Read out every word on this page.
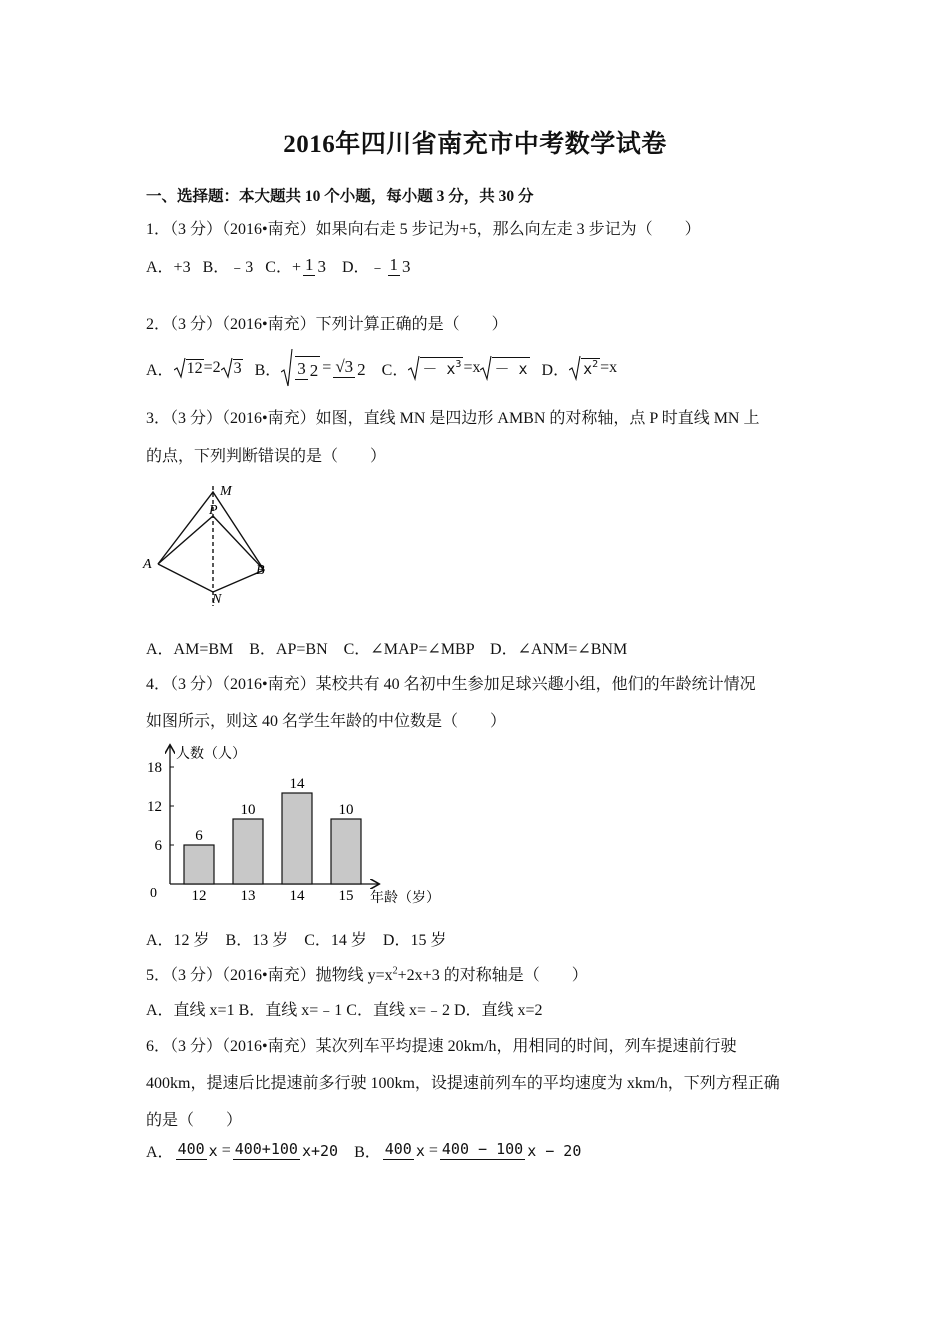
2016年四川省南充市中考数学试卷
一、选择题：本大题共 10 个小题，每小题 3 分，共 30 分
1．（3 分）（2016•南充）如果向右走 5 步记为+5，那么向左走 3 步记为（　　）
A．+3 B．﹣3 C．+ 1 3 D．﹣ 1 3
2．（3 分）（2016•南充）下列计算正确的是（　　）
A． 12=2 3 B． 3 2 = √3 2 C． － $x^3 =x - x$ D． $x^2 =x$
3．（3 分）（2016•南充）如图，直线 MN 是四边形 AMBN 的对称轴，点 P 时直线 MN 上
的点，下列判断错误的是（　　）
M
P
A	B
N
A．AM=BM　B．AP=BN　C．∠MAP=∠MBP　D．∠ANM=∠BNM
4．（3 分）（2016•南充）某校共有 40 名初中生参加足球兴趣小组，他们的年龄统计情况
如图所示，则这 40 名学生年龄的中位数是（　　）
6
10
14
10
12 13 14 15
18
12
6
人数（人）
年龄（岁）
0
A．12 岁　B．13 岁　C．14 岁　D．15 岁
5．（3 分）（2016•南充）抛物线 $y=x^2+2x+3$ 的对称轴是（　　）
A．直线 x=1 B．直线 x=﹣1 C．直线 x=﹣2 D．直线 x=2
6．（3 分）（2016•南充）某次列车平均提速 20km/h，用相同的时间，列车提速前行驶
400km，提速后比提速前多行驶 100km，设提速前列车的平均速度为 xkm/h，下列方程正确
的是（　　）
A． 400 x = 400+100 x+20 B． 400 x = 400 − 100 x − 20
